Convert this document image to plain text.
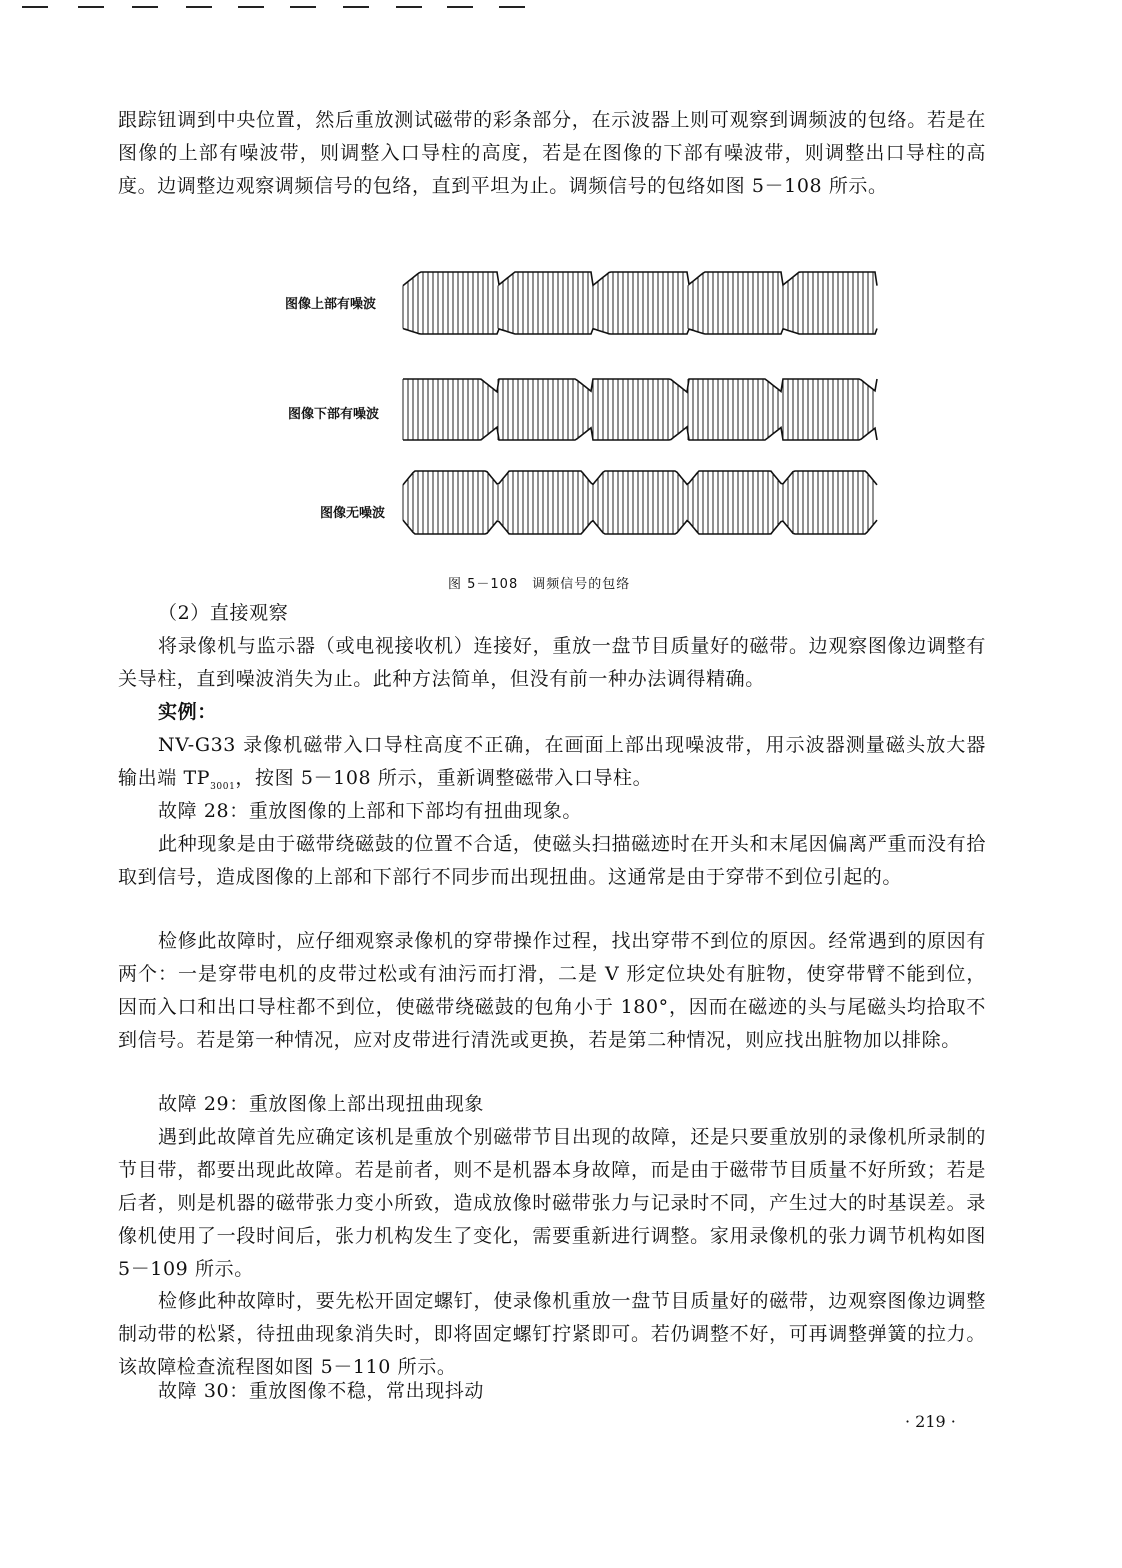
跟踪钮调到中央位置，然后重放测试磁带的彩条部分，在示波器上则可观察到调频波的包络。若是在图像的上部有噪波带，则调整入口导柱的高度，若是在图像的下部有噪波带，则调整出口导柱的高度。边调整边观察调频信号的包络，直到平坦为止。调频信号的包络如图 5－108 所示。

图像上部有噪波
图像下部有噪波
图像无噪波
图 5－108　调频信号的包络

（2）直接观察

将录像机与监示器（或电视接收机）连接好，重放一盘节目质量好的磁带。边观察图像边调整有关导柱，直到噪波消失为止。此种方法简单，但没有前一种办法调得精确。

实例：

NV-G33 录像机磁带入口导柱高度不正确，在画面上部出现噪波带，用示波器测量磁头放大器输出端 $TP_{3001}$，按图 5－108 所示，重新调整磁带入口导柱。

故障 28：重放图像的上部和下部均有扭曲现象。

此种现象是由于磁带绕磁鼓的位置不合适，使磁头扫描磁迹时在开头和末尾因偏离严重而没有拾取到信号，造成图像的上部和下部行不同步而出现扭曲。这通常是由于穿带不到位引起的。

检修此故障时，应仔细观察录像机的穿带操作过程，找出穿带不到位的原因。经常遇到的原因有两个：一是穿带电机的皮带过松或有油污而打滑，二是 V 形定位块处有脏物，使穿带臂不能到位，因而入口和出口导柱都不到位，使磁带绕磁鼓的包角小于 180°，因而在磁迹的头与尾磁头均拾取不到信号。若是第一种情况，应对皮带进行清洗或更换，若是第二种情况，则应找出脏物加以排除。

故障 29：重放图像上部出现扭曲现象

遇到此故障首先应确定该机是重放个别磁带节目出现的故障，还是只要重放别的录像机所录制的节目带，都要出现此故障。若是前者，则不是机器本身故障，而是由于磁带节目质量不好所致；若是后者，则是机器的磁带张力变小所致，造成放像时磁带张力与记录时不同，产生过大的时基误差。录像机使用了一段时间后，张力机构发生了变化，需要重新进行调整。家用录像机的张力调节机构如图 5－109 所示。

检修此种故障时，要先松开固定螺钉，使录像机重放一盘节目质量好的磁带，边观察图像边调整制动带的松紧，待扭曲现象消失时，即将固定螺钉拧紧即可。若仍调整不好，可再调整弹簧的拉力。该故障检查流程图如图 5－110 所示。

故障 30：重放图像不稳，常出现抖动

· 219 ·
